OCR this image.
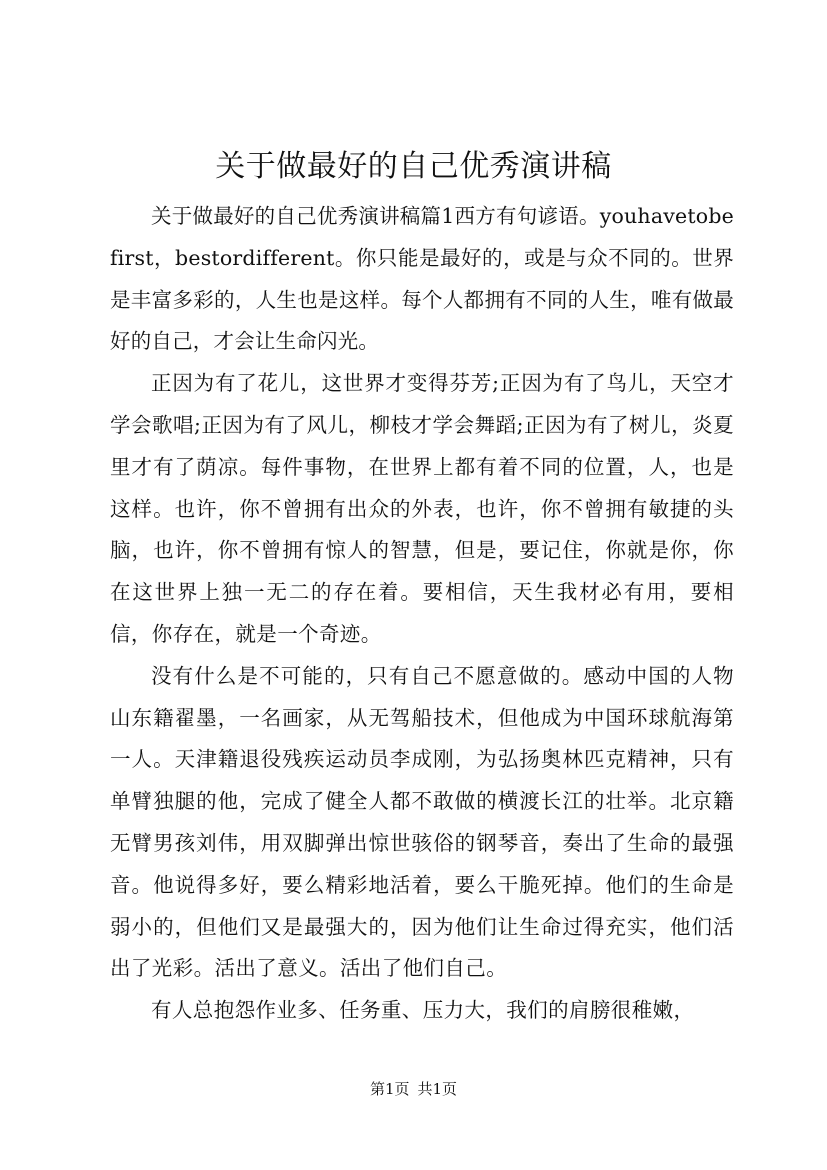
关于做最好的自己优秀演讲稿

关于做最好的自己优秀演讲稿篇1西方有句谚语。youhavetobefirst，bestordifferent。你只能是最好的，或是与众不同的。世界是丰富多彩的，人生也是这样。每个人都拥有不同的人生，唯有做最好的自己，才会让生命闪光。

正因为有了花儿，这世界才变得芬芳;正因为有了鸟儿，天空才学会歌唱;正因为有了风儿，柳枝才学会舞蹈;正因为有了树儿，炎夏里才有了荫凉。每件事物，在世界上都有着不同的位置，人，也是这样。也许，你不曾拥有出众的外表，也许，你不曾拥有敏捷的头脑，也许，你不曾拥有惊人的智慧，但是，要记住，你就是你，你在这世界上独一无二的存在着。要相信，天生我材必有用，要相信，你存在，就是一个奇迹。

没有什么是不可能的，只有自己不愿意做的。感动中国的人物山东籍翟墨，一名画家，从无驾船技术，但他成为中国环球航海第一人。天津籍退役残疾运动员李成刚，为弘扬奥林匹克精神，只有单臂独腿的他，完成了健全人都不敢做的横渡长江的壮举。北京籍无臂男孩刘伟，用双脚弹出惊世骇俗的钢琴音，奏出了生命的最强音。他说得多好，要么精彩地活着，要么干脆死掉。他们的生命是弱小的，但他们又是最强大的，因为他们让生命过得充实，他们活出了光彩。活出了意义。活出了他们自己。

有人总抱怨作业多、任务重、压力大，我们的肩膀很稚嫩，

第1页 共1页
